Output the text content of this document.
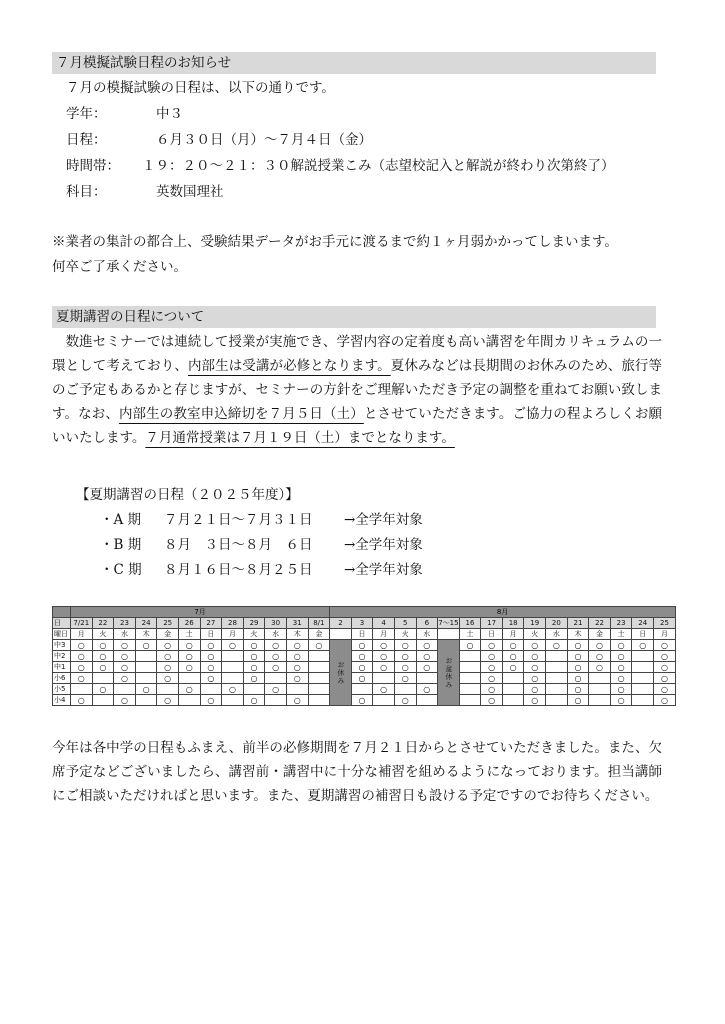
７月模擬試験日程のお知らせ
７月の模擬試験の日程は、以下の通りです。
学年：	中３
日程：	６月３０日（月）〜７月４日（金）
時間帯： １９：２０〜２１：３０解説授業こみ（志望校記入と解説が終わり次第終了）
科目：	英数国理社
※業者の集計の都合上、受験結果データがお手元に渡るまで約１ヶ月弱かかってしまいます。
何卒ご了承ください。
夏期講習の日程について
　数進セミナーでは連続して授業が実施でき、学習内容の定着度も高い講習を年間カリキュラムの一環として考えており、内部生は受講が必修となります。夏休みなどは長期間のお休みのため、旅行等のご予定もあるかと存じますが、セミナーの方針をご理解いただき予定の調整を重ねてお願い致します。なお、内部生の教室申込締切を７月５日（土）とさせていただきます。ご協力の程よろしくお願いいたします。７月通常授業は７月１９日（土）までとなります。
【夏期講習の日程（２０２５年度）】
・A 期 ７月２１日〜７月３１日 →全学年対象
・B 期 ８月　３日〜８月　６日 →全学年対象
・C 期 ８月１６日〜８月２５日 →全学年対象
	7月												8月															
日	7/21	22	23	24	25	26	27	28	29	30	31	8/1	2	3	4	5	6	7〜15	16	17	18	19	20	21	22	23	24	25
曜日	月	火	水	木	金	土	日	月	火	水	木	金		日	月	火	水		土	日	月	火	水	木	金	土	日	月
中3	○	○	○	○	○	○	○	○	○	○	○	○	お休み	○	○	○	○	お盆休み	○	○	○	○	○	○	○	○	○	○
中2	○	○	○		○	○	○		○	○	○			○	○	○	○			○	○	○		○	○	○		○
中1	○	○	○		○	○	○		○	○	○			○	○	○	○			○	○	○		○	○	○		○
小6	○		○		○		○		○		○			○		○				○		○		○		○		○
小5		○		○		○		○		○					○		○			○		○		○		○		○
小4	○		○		○		○		○		○			○		○				○		○		○		○		○
今年は各中学の日程もふまえ、前半の必修期間を７月２１日からとさせていただきました。また、欠席予定などございましたら、講習前・講習中に十分な補習を組めるようになっております。担当講師にご相談いただければと思います。また、夏期講習の補習日も設ける予定ですのでお待ちください。
